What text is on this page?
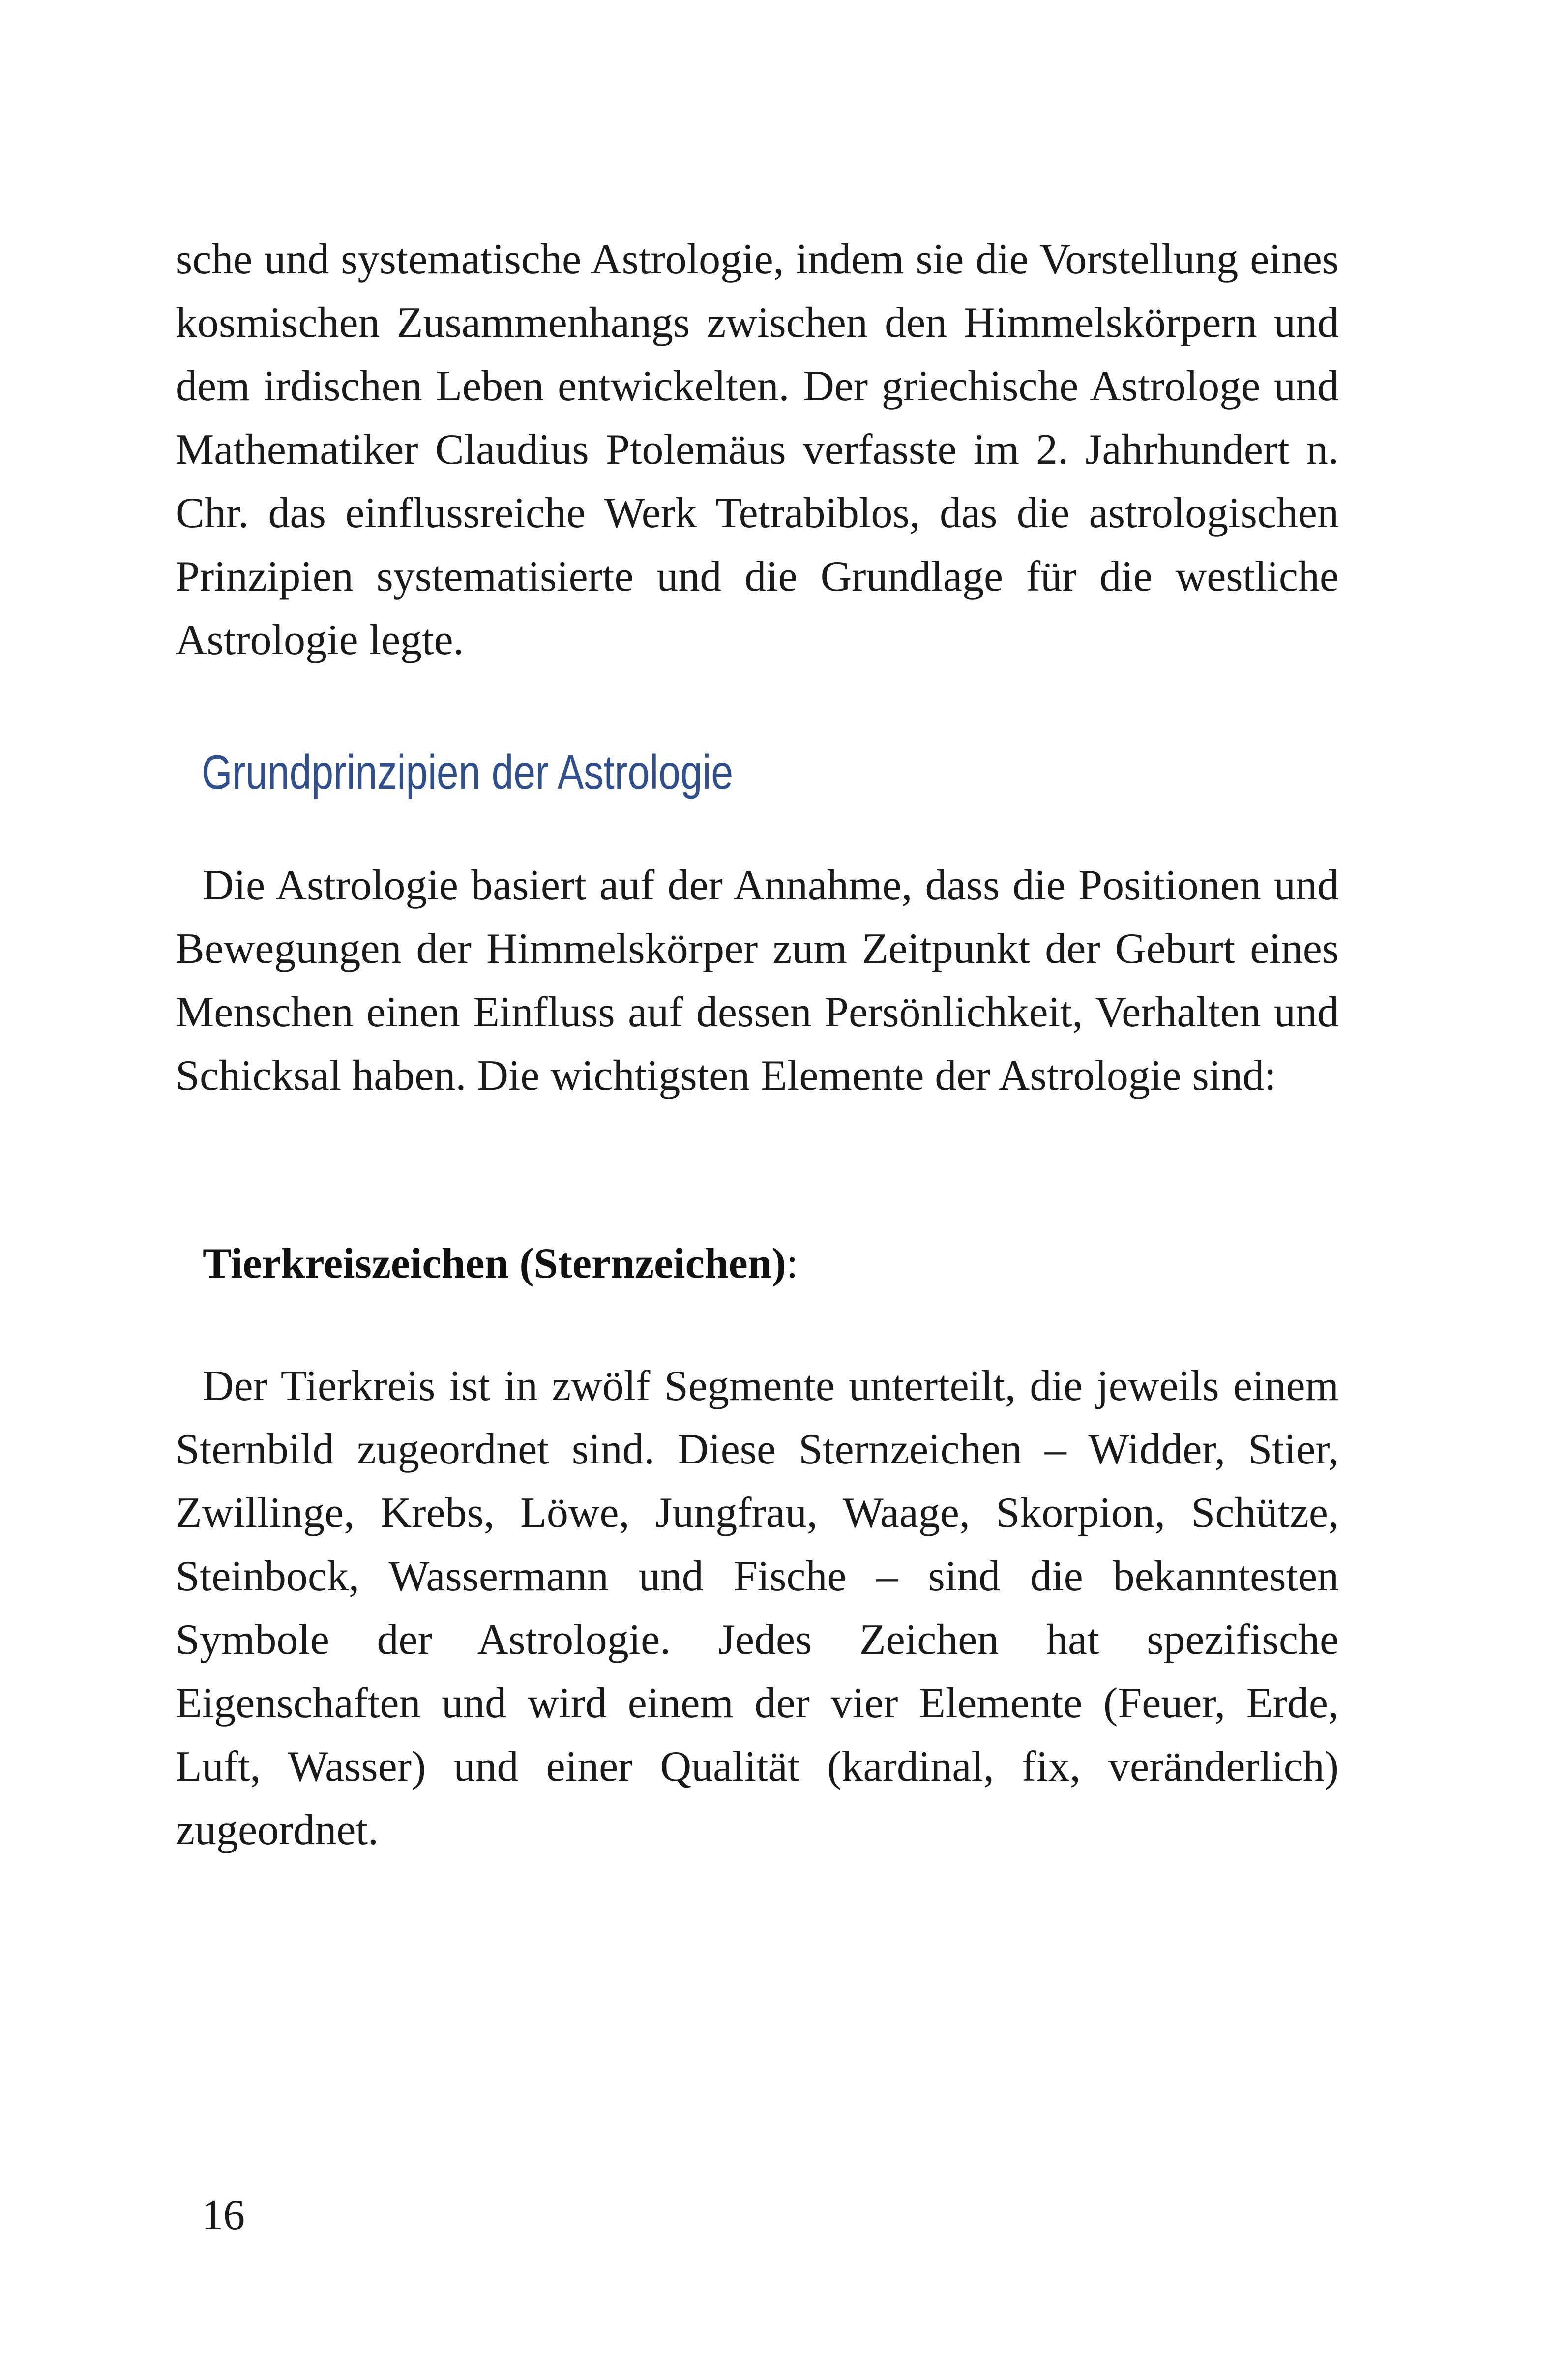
sche und systematische Astrologie, indem sie die Vorstellung eines kosmischen Zusammenhangs zwischen den Himmelskörpern und dem irdischen Leben entwickelten. Der griechische Astrologe und Mathematiker Claudius Ptolemäus verfasste im 2. Jahrhundert n. Chr. das einflussreiche Werk Tetrabiblos, das die astrologischen Prinzipien systematisierte und die Grundlage für die westliche Astrologie legte.

Grundprinzipien der Astrologie

Die Astrologie basiert auf der Annahme, dass die Positionen und Bewegungen der Himmelskörper zum Zeitpunkt der Geburt eines Menschen einen Einfluss auf dessen Persönlichkeit, Verhalten und Schicksal haben. Die wichtigsten Elemente der Astrologie sind:

Tierkreiszeichen (Sternzeichen):

Der Tierkreis ist in zwölf Segmente unterteilt, die jeweils einem Sternbild zugeordnet sind. Diese Sternzeichen – Widder, Stier, Zwillinge, Krebs, Löwe, Jungfrau, Waage, Skorpion, Schütze, Steinbock, Wassermann und Fische – sind die bekanntesten Symbole der Astrologie. Jedes Zeichen hat spezifische Eigenschaften und wird einem der vier Elemente (Feuer, Erde, Luft, Wasser) und einer Qualität (kardinal, fix, veränderlich) zugeordnet.

16
